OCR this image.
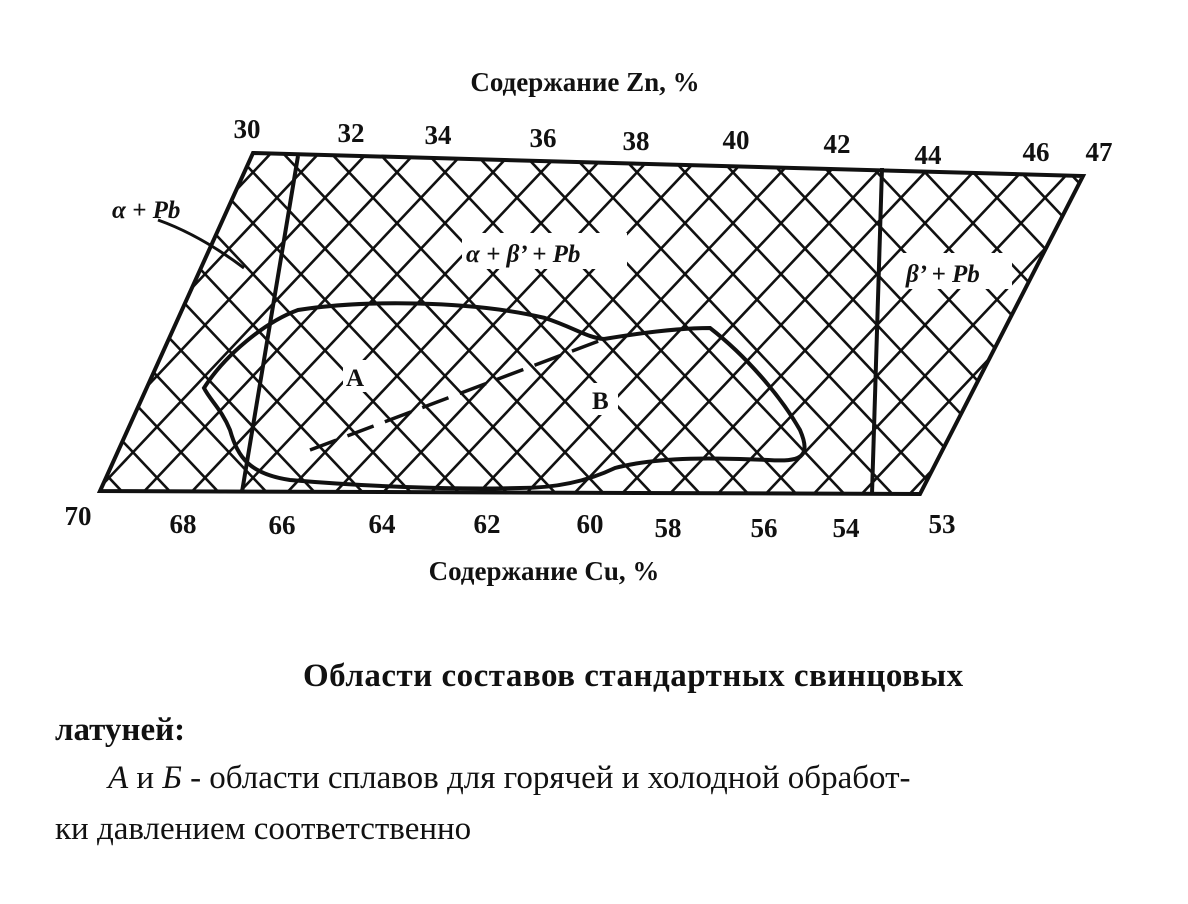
Содержание Zn, %
30	32 34	36 38	40	42 44	46 47
70	68	66	64	62	60 58	56 54	53
Содержание Cu, %
α + Pb
α + β’ + Pb
β’ + Pb
А
В
Области составов стандартных свинцовых
латуней:
А и Б - области сплавов для горячей и холодной обработ-
ки давлением соответственно
